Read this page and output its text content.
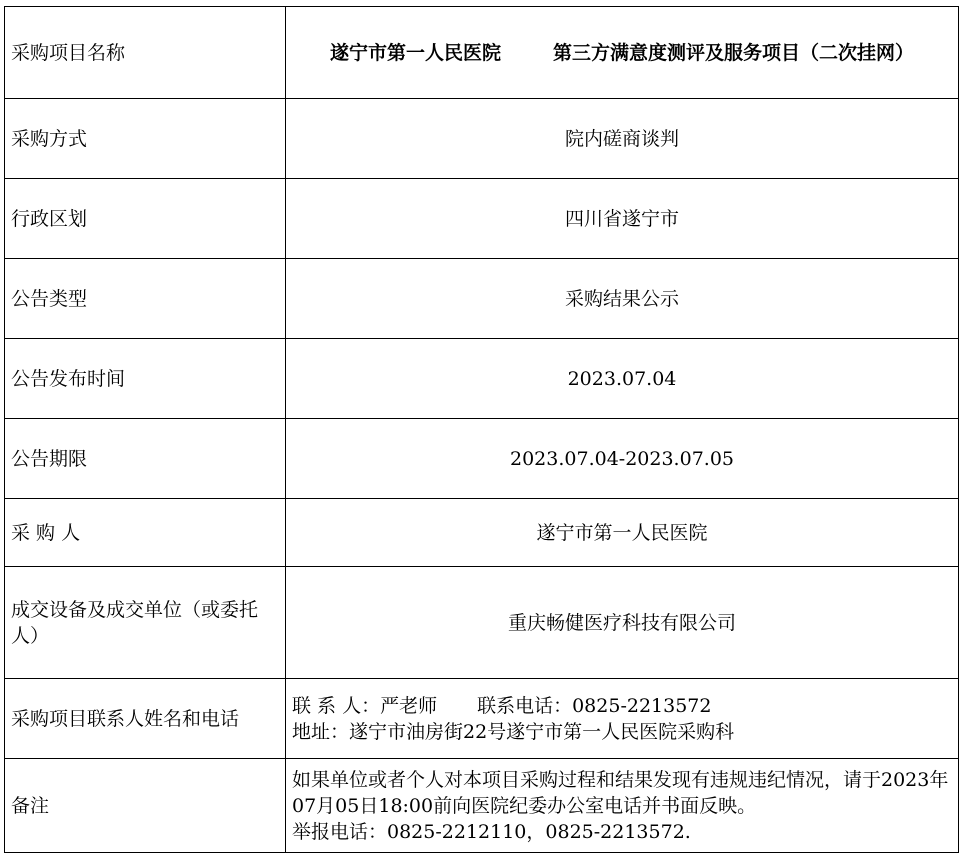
采购项目名称	遂宁市第一人民医院 第三方满意度测评及服务项目（二次挂网）
采购方式	院内磋商谈判
行政区划	四川省遂宁市
公告类型	采购结果公示
公告发布时间	2023.07.04
公告期限	2023.07.04-2023.07.05
采 购 人	遂宁市第一人民医院
成交设备及成交单位（或委托人）	重庆畅健医疗科技有限公司
采购项目联系人姓名和电话	联 系 人：严老师 联系电话：0825-2213572
地址：遂宁市油房街22号遂宁市第一人民医院采购科

备注	如果单位或者个人对本项目采购过程和结果发现有违规违纪情况，请于2023年07月05日18:00前向医院纪委办公室电话并书面反映。
举报电话：0825-2212110，0825-2213572.
